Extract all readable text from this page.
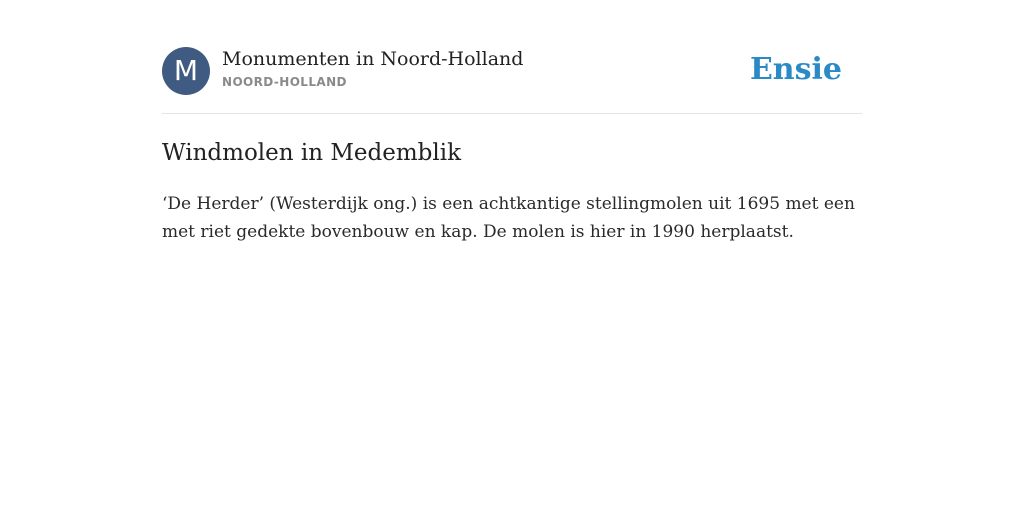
M	Monumenten in Noord-Holland
NOORD-HOLLAND	Ensie
Windmolen in Medemblik

‘De Herder’ (Westerdijk ong.) is een achtkantige stellingmolen uit 1695 met een met riet gedekte bovenbouw en kap. De molen is hier in 1990 herplaatst.
